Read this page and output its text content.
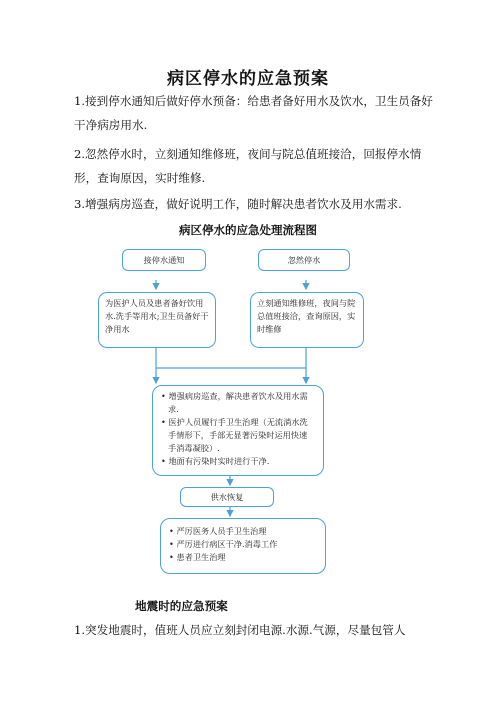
病区停水的应急预案
1.接到停水通知后做好停水预备：给患者备好用水及饮水，卫生员备好干净病房用水.
2.忽然停水时，立刻通知维修班，夜间与院总值班接洽，回报停水情形，查询原因，实时维修.
3.增强病房巡查，做好说明工作，随时解决患者饮水及用水需求.
病区停水的应急处理流程图
接停水通知	忽然停水
为医护人员及患者备好饮用水.洗手等用水;卫生员备好干净用水
立刻通知维修班，夜间与院总值班接洽，查询原因，实时维修
• 增强病房巡查，解决患者饮水及用水需求.
• 医护人员履行手卫生治理（无流淌水洗手情形下，手部无显著污染时运用快速手消毒凝胶）.
• 地面有污染时实时进行干净.
供水恢复
• 严厉医务人员手卫生治理
• 严厉进行病区干净.消毒工作
• 患者卫生治理
地震时的应急预案
1.突发地震时，值班人员应立刻封闭电源.水源.气源，尽量包管人
